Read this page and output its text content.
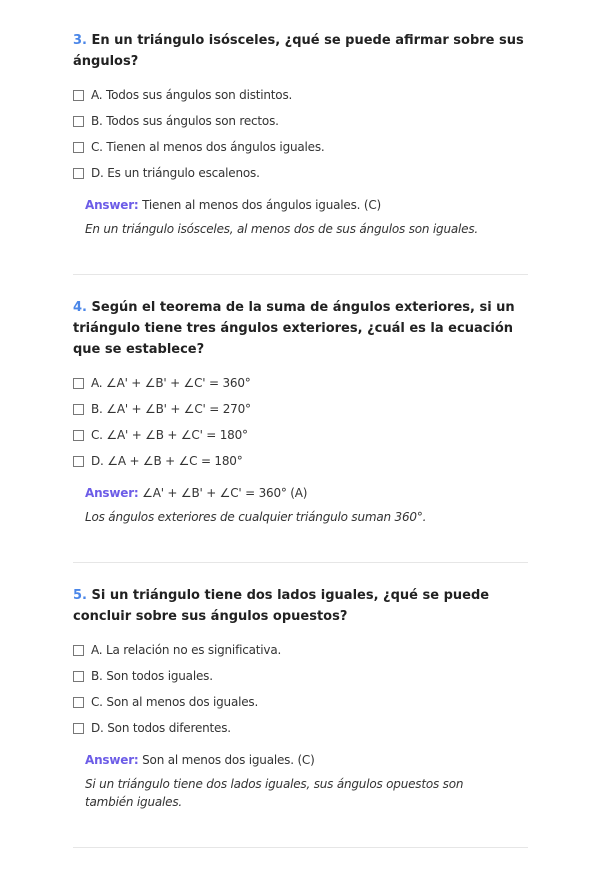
3. En un triángulo isósceles, ¿qué se puede afirmar sobre sus ángulos?

A. Todos sus ángulos son distintos.
B. Todos sus ángulos son rectos.
C. Tienen al menos dos ángulos iguales.
D. Es un triángulo escalenos.
Answer: Tienen al menos dos ángulos iguales. (C)
En un triángulo isósceles, al menos dos de sus ángulos son iguales.

4. Según el teorema de la suma de ángulos exteriores, si un triángulo tiene tres ángulos exteriores, ¿cuál es la ecuación que se establece?

A. ∠A' + ∠B' + ∠C' = 360°
B. ∠A' + ∠B' + ∠C' = 270°
C. ∠A' + ∠B + ∠C' = 180°
D. ∠A + ∠B + ∠C = 180°
Answer: ∠A' + ∠B' + ∠C' = 360° (A)
Los ángulos exteriores de cualquier triángulo suman 360°.

5. Si un triángulo tiene dos lados iguales, ¿qué se puede concluir sobre sus ángulos opuestos?

A. La relación no es significativa.
B. Son todos iguales.
C. Son al menos dos iguales.
D. Son todos diferentes.
Answer: Son al menos dos iguales. (C)
Si un triángulo tiene dos lados iguales, sus ángulos opuestos son también iguales.
